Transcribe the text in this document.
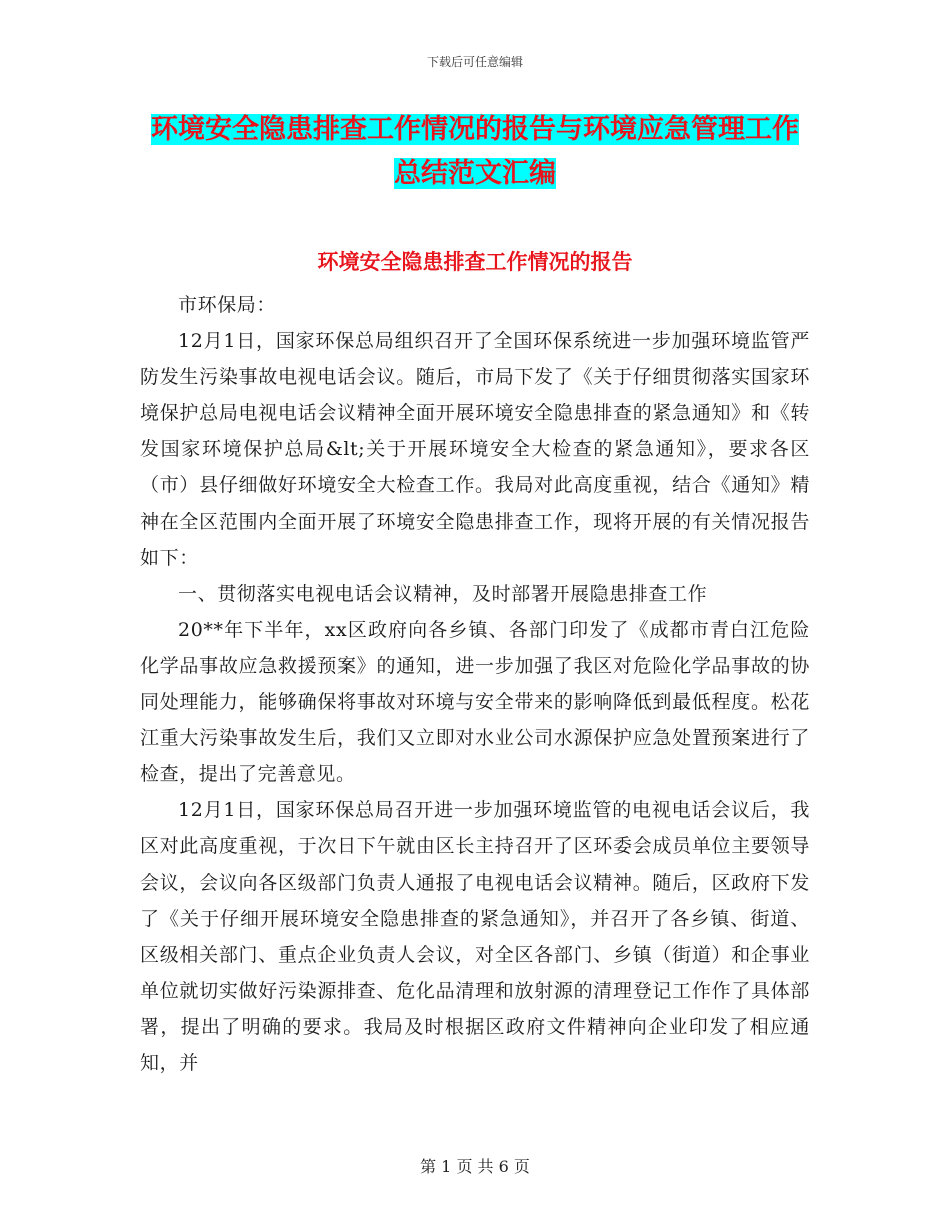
下载后可任意编辑
环境安全隐患排查工作情况的报告与环境应急管理工作总结范文汇编
环境安全隐患排查工作情况的报告

市环保局：

12月1日，国家环保总局组织召开了全国环保系统进一步加强环境监管严防发生污染事故电视电话会议。随后，市局下发了《关于仔细贯彻落实国家环境保护总局电视电话会议精神全面开展环境安全隐患排查的紧急通知》和《转发国家环境保护总局&lt;关于开展环境安全大检查的紧急通知》，要求各区（市）县仔细做好环境安全大检查工作。我局对此高度重视，结合《通知》精神在全区范围内全面开展了环境安全隐患排查工作，现将开展的有关情况报告如下：

一、贯彻落实电视电话会议精神，及时部署开展隐患排查工作

20**年下半年，xx区政府向各乡镇、各部门印发了《成都市青白江危险化学品事故应急救援预案》的通知，进一步加强了我区对危险化学品事故的协同处理能力，能够确保将事故对环境与安全带来的影响降低到最低程度。松花江重大污染事故发生后，我们又立即对水业公司水源保护应急处置预案进行了检查，提出了完善意见。

12月1日，国家环保总局召开进一步加强环境监管的电视电话会议后，我区对此高度重视，于次日下午就由区长主持召开了区环委会成员单位主要领导会议，会议向各区级部门负责人通报了电视电话会议精神。随后，区政府下发了《关于仔细开展环境安全隐患排查的紧急通知》，并召开了各乡镇、街道、区级相关部门、重点企业负责人会议，对全区各部门、乡镇（街道）和企事业单位就切实做好污染源排查、危化品清理和放射源的清理登记工作作了具体部署，提出了明确的要求。我局及时根据区政府文件精神向企业印发了相应通知，并

第 1 页 共 6 页
